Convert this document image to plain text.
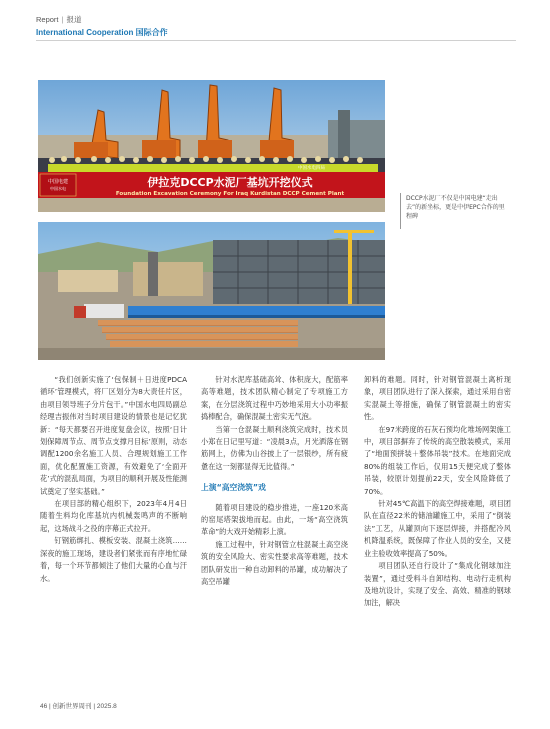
Report | 报道
International Cooperation 国际合作
中国电建
中国水电
中国水电四局
伊拉克DCCP水泥厂基坑开挖仪式
Foundation Excavation Ceremony For Iraq Kurdistan DCCP Cement Plant
DCCP水泥厂不仅是中国电建“走出去”的新坐标，更是中伊EPC合作的里程碑

“我们创新实施了‘包保制＋日进度PDCA循环’管理模式，将厂区划分为8大责任片区，由项目领导班子分片包干。”中国水电四局副总经理吉振伟对当时项目建设的情景也是记忆犹新：“每天都要召开进度复盘会议，按照‘日计划保障周节点、周节点支撑月目标’原则，动态调配1200余名施工人员、合理规划施工工作面，优化配置施工资源，有效避免了‘全面开花’式的混乱局面，为项目的顺利开展及性能测试奠定了坚实基础。”

在项目部的精心组织下，2023年4月4日随着生料均化库基坑内机械轰鸣声的不断响起，这场战斗之役的序幕正式拉开。

钉钢筋绑扎、模板安装、混凝土浇筑……深夜的施工现场，建设者们紧张而有序地忙碌着，每一个环节都倾注了他们大量的心血与汗水。

针对水泥库基础高耸、体积庞大，配筋率高等难题，技术团队精心制定了专项施工方案，在分层浇筑过程中巧妙地采用大小功率振捣棒配合，确保混凝土密实无气泡。

当第一仓混凝土顺利浇筑完成时，技术员小郑在日记里写道：“凌晨3点，月光洒落在钢筋网上，仿佛为山谷披上了一层银纱，所有疲惫在这一刻都显得无比值得。”

上演“高空浇筑”戏

随着项目建设的稳步推进，一座120米高的窑尾塔架拔地而起。由此，一场“高空浇筑革命”的大戏开始精彩上演。

施工过程中，针对钢管立柱混凝土高空浇筑的安全风险大、密实性要求高等难题，技术团队研发出一种自动卸料的吊罐，成功解决了高空吊罐

卸料的难题。同时，针对钢管混凝土离析现象，项目团队进行了深入探索，通过采用自密实混凝土等措施，确保了钢管混凝土的密实性。

在97米跨度的石灰石预均化堆场网架施工中，项目部摒弃了传统的高空散装模式，采用了“地面预拼装＋整体吊装”技术。在地面完成80%的组装工作后，仅用15天便完成了整体吊装，较原计划提前22天，安全风险降低了70%。

针对45℃高温下的高空焊接难题，项目团队在直径22米的储油罐施工中，采用了“倒装法”工艺，从罐顶向下逐层焊接，并搭配冷风机降温系统，既保障了作业人员的安全，又使业主验收效率提高了50%。

项目团队还自行设计了“集成化钢球加注装置”，通过受料斗自卸结构、电动行走机构及地坑设计，实现了安全、高效、精准的钢球加注，解决

46 | 创新世界周刊 | 2025.8
